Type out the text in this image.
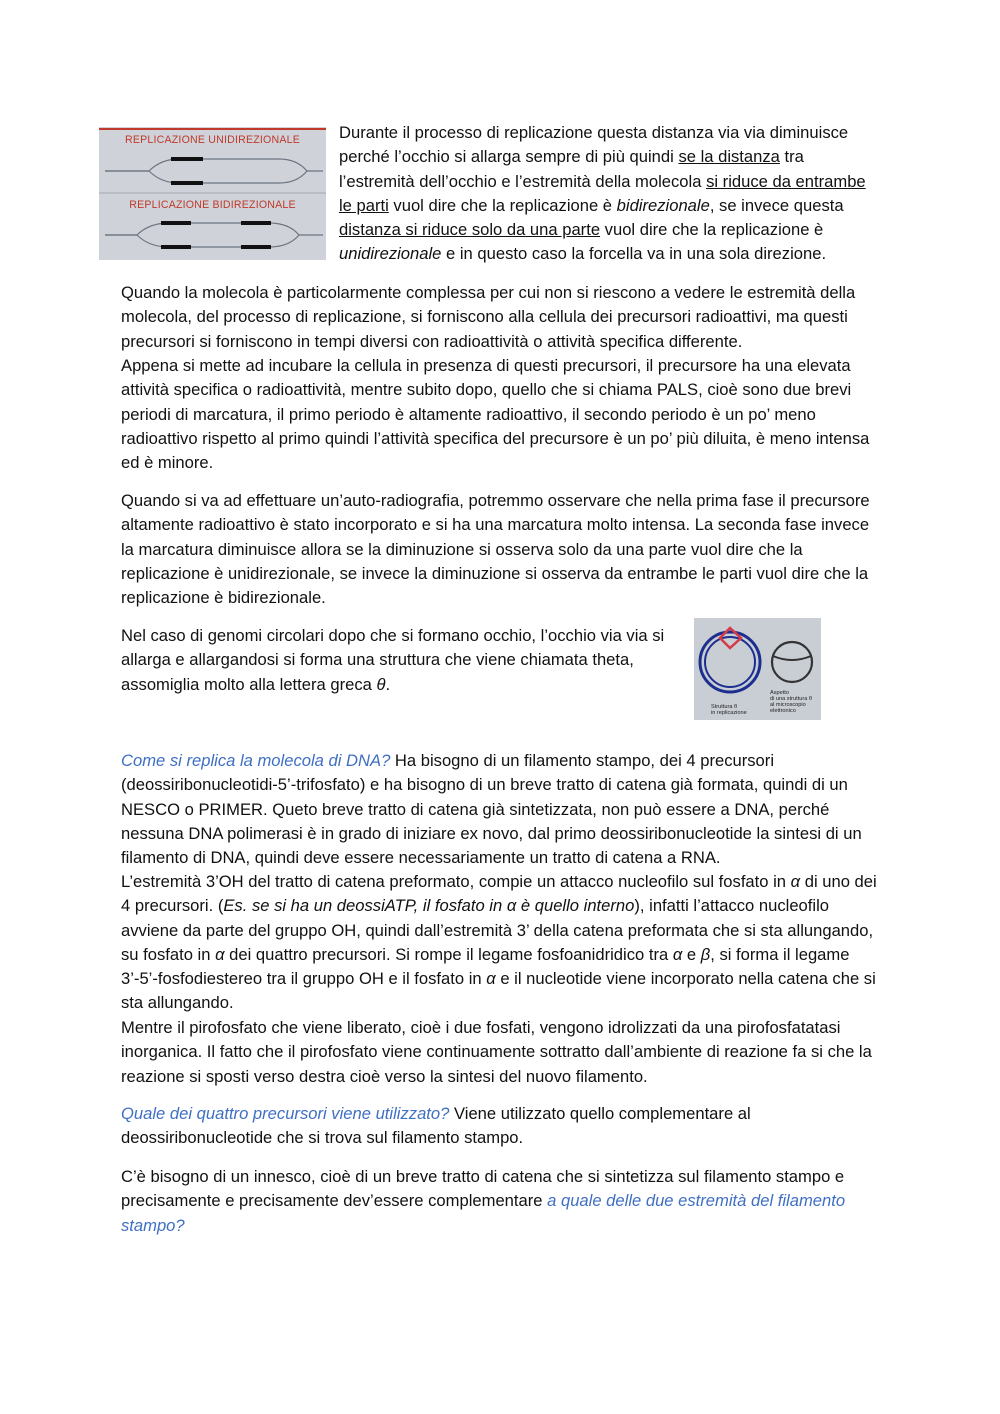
REPLICAZIONE UNIDIREZIONALE
REPLICAZIONE BIDIREZIONALE

Durante il processo di replicazione questa distanza via via diminuisce perché l’occhio si allarga sempre di più quindi se la distanza tra l’estremità dell’occhio e l’estremità della molecola si riduce da entrambe le parti vuol dire che la replicazione è bidirezionale, se invece questa distanza si riduce solo da una parte vuol dire che la replicazione è unidirezionale e in questo caso la forcella va in una sola direzione.

Quando la molecola è particolarmente complessa per cui non si riescono a vedere le estremità della molecola, del processo di replicazione, si forniscono alla cellula dei precursori radioattivi, ma questi precursori si forniscono in tempi diversi con radioattività o attività specifica differente.

Appena si mette ad incubare la cellula in presenza di questi precursori, il precursore ha una elevata attività specifica o radioattività, mentre subito dopo, quello che si chiama PALS, cioè sono due brevi periodi di marcatura, il primo periodo è altamente radioattivo, il secondo periodo è un po’ meno radioattivo rispetto al primo quindi l’attività specifica del precursore è un po’ più diluita, è meno intensa ed è minore.

Quando si va ad effettuare un’auto-radiografia, potremmo osservare che nella prima fase il precursore altamente radioattivo è stato incorporato e si ha una marcatura molto intensa. La seconda fase invece la marcatura diminuisce allora se la diminuzione si osserva solo da una parte vuol dire che la replicazione è unidirezionale, se invece la diminuzione si osserva da entrambe le parti vuol dire che la replicazione è bidirezionale.

Nel caso di genomi circolari dopo che si formano occhio, l’occhio via via si allarga e allargandosi si forma una struttura che viene chiamata theta, assomiglia molto alla lettera greca θ.

Struttura θ
in replicazione
Aspetto
di una struttura θ
al microscopio
elettronico

Come si replica la molecola di DNA? Ha bisogno di un filamento stampo, dei 4 precursori (deossiribonucleotidi-5’-trifosfato) e ha bisogno di un breve tratto di catena già formata, quindi di un NESCO o PRIMER. Queto breve tratto di catena già sintetizzata, non può essere a DNA, perché nessuna DNA polimerasi è in grado di iniziare ex novo, dal primo deossiribonucleotide la sintesi di un filamento di DNA, quindi deve essere necessariamente un tratto di catena a RNA.

L’estremità 3’OH del tratto di catena preformato, compie un attacco nucleofilo sul fosfato in α di uno dei 4 precursori. (Es. se si ha un deossiATP, il fosfato in α è quello interno), infatti l’attacco nucleofilo avviene da parte del gruppo OH, quindi dall’estremità 3’ della catena preformata che si sta allungando, su fosfato in α dei quattro precursori. Si rompe il legame fosfoanidridico tra α e β, si forma il legame 3’-5’-fosfodiestereo tra il gruppo OH e il fosfato in α e il nucleotide viene incorporato nella catena che si sta allungando.

Mentre il pirofosfato che viene liberato, cioè i due fosfati, vengono idrolizzati da una pirofosfatatasi inorganica. Il fatto che il pirofosfato viene continuamente sottratto dall’ambiente di reazione fa si che la reazione si sposti verso destra cioè verso la sintesi del nuovo filamento.

Quale dei quattro precursori viene utilizzato? Viene utilizzato quello complementare al deossiribonucleotide che si trova sul filamento stampo.

C’è bisogno di un innesco, cioè di un breve tratto di catena che si sintetizza sul filamento stampo e precisamente e precisamente dev’essere complementare a quale delle due estremità del filamento stampo?
